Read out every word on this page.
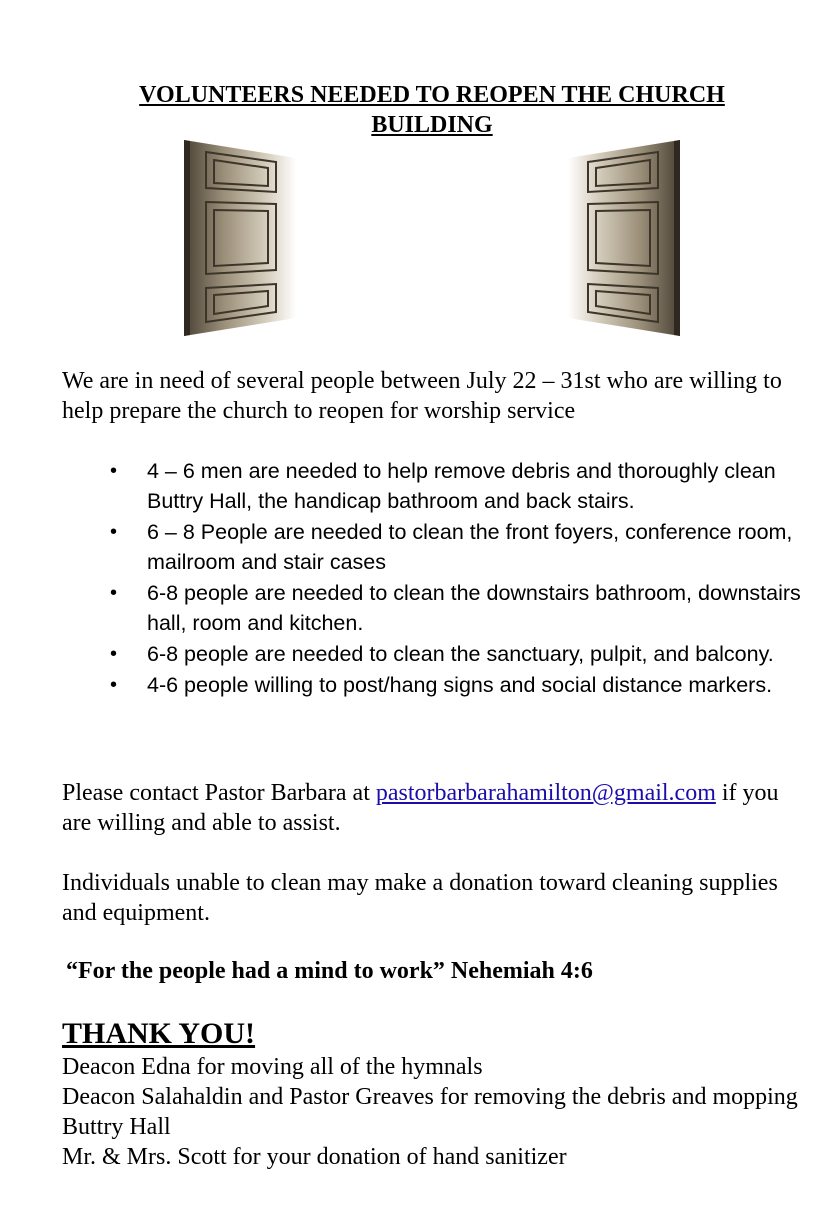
VOLUNTEERS NEEDED TO REOPEN THE CHURCH BUILDING

We are in need of several people between July 22 – 31st who are willing to help prepare the church to reopen for worship service

• 4 – 6 men are needed to help remove debris and thoroughly clean Buttry Hall, the handicap bathroom and back stairs.
• 6 – 8 People are needed to clean the front foyers, conference room, mailroom and stair cases
• 6-8 people are needed to clean the downstairs bathroom, downstairs hall, room and kitchen.
• 6-8 people are needed to clean the sanctuary, pulpit, and balcony.
• 4-6 people willing to post/hang signs and social distance markers.

Please contact Pastor Barbara at pastorbarbarahamilton@gmail.com if you are willing and able to assist.

Individuals unable to clean may make a donation toward cleaning supplies and equipment.

“For the people had a mind to work” Nehemiah 4:6

THANK YOU!
Deacon Edna for moving all of the hymnals
Deacon Salahaldin and Pastor Greaves for removing the debris and mopping Buttry Hall
Mr. & Mrs. Scott for your donation of hand sanitizer
